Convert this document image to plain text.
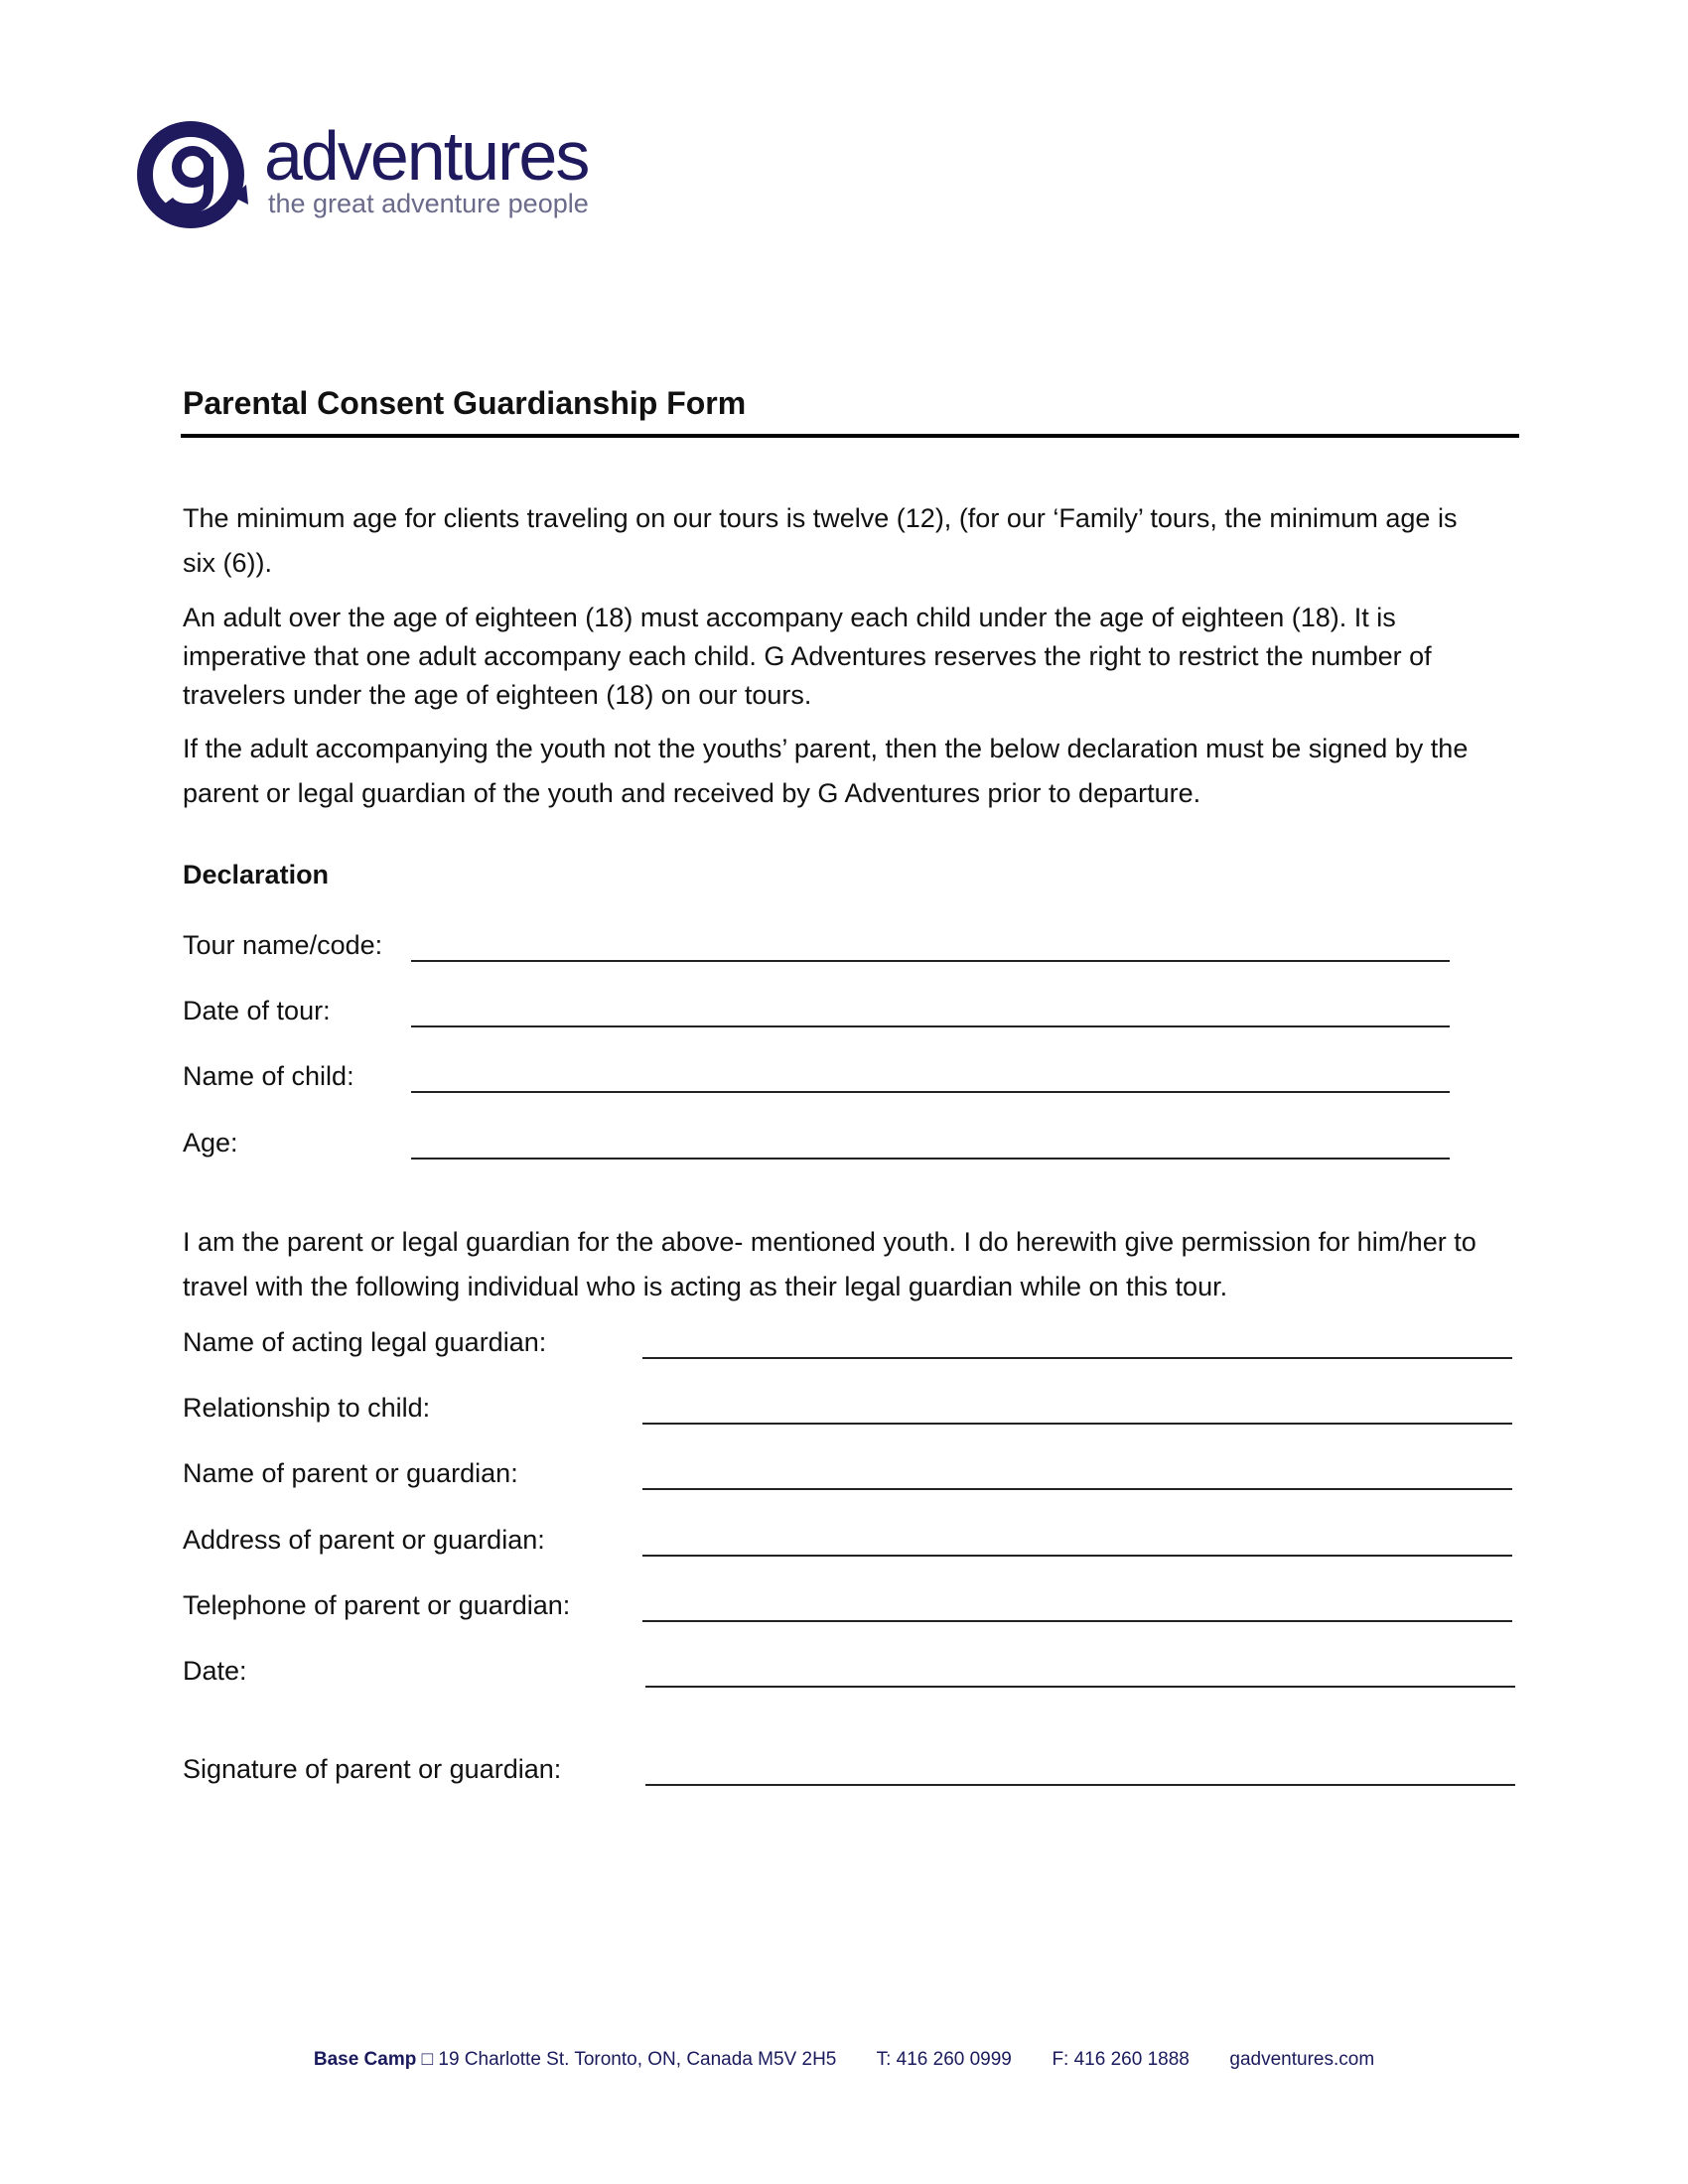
adventures
the great adventure people
Parental Consent Guardianship Form

The minimum age for clients traveling on our tours is twelve (12), (for our ‘Family’ tours, the minimum age is six (6)).

An adult over the age of eighteen (18) must accompany each child under the age of eighteen (18). It is imperative that one adult accompany each child. G Adventures reserves the right to restrict the number of travelers under the age of eighteen (18) on our tours.

If the adult accompanying the youth not the youths’ parent, then the below declaration must be signed by the parent or legal guardian of the youth and received by G Adventures prior to departure.

Declaration
Tour name/code:
Date of tour:
Name of child:
Age:

I am the parent or legal guardian for the above- mentioned youth. I do herewith give permission for him/her to travel with the following individual who is acting as their legal guardian while on this tour.

Name of acting legal guardian:
Relationship to child:
Name of parent or guardian:
Address of parent or guardian:
Telephone of parent or guardian:
Date:
Signature of parent or guardian:
Base Camp □ 19 Charlotte St. Toronto, ON, Canada M5V 2H5 T: 416 260 0999 F: 416 260 1888 gadventures.com
